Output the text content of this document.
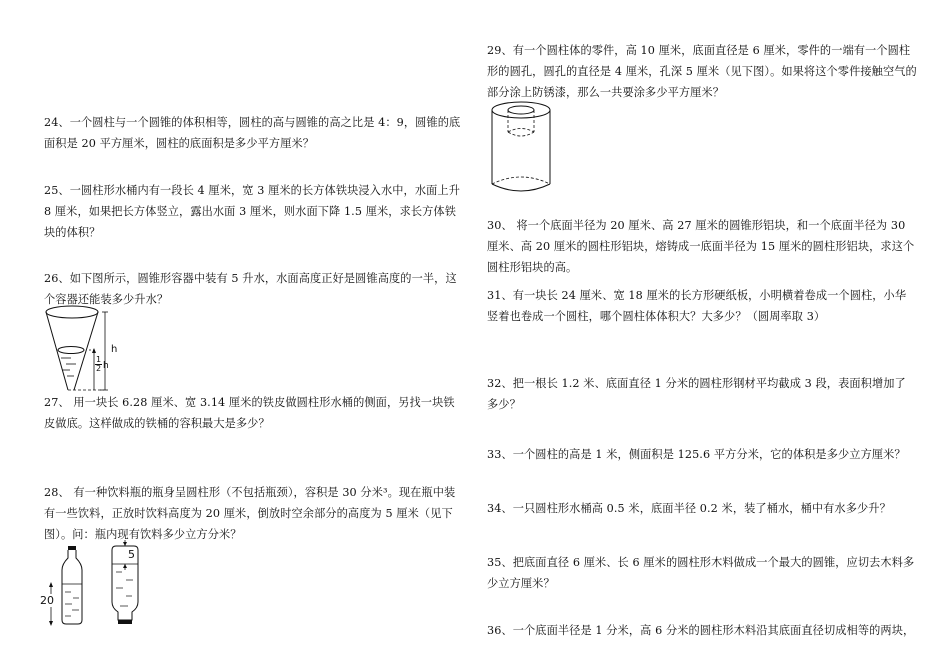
24、一个圆柱与一个圆锥的体积相等，圆柱的高与圆锥的高之比是 4：9，圆锥的底面积是 20 平方厘米，圆柱的底面积是多少平方厘米？
25、一圆柱形水桶内有一段长 4 厘米，宽 3 厘米的长方体铁块浸入水中，水面上升 8 厘米，如果把长方体竖立，露出水面 3 厘米，则水面下降 1.5 厘米，求长方体铁块的体积？
26、如下图所示，圆锥形容器中装有 5 升水，水面高度正好是圆锥高度的一半，这个容器还能装多少升水？
h
1
2 h
27、 用一块长 6.28 厘米、宽 3.14 厘米的铁皮做圆柱形水桶的侧面，另找一块铁皮做底。这样做成的铁桶的容积最大是多少？
28、 有一种饮料瓶的瓶身呈圆柱形（不包括瓶颈），容积是 30 分米³。现在瓶中装有一些饮料，正放时饮料高度为 20 厘米，倒放时空余部分的高度为 5 厘米（见下图）。问：瓶内现有饮料多少立方分米？
20
5
29、有一个圆柱体的零件，高 10 厘米，底面直径是 6 厘米，零件的一端有一个圆柱形的圆孔，圆孔的直径是 4 厘米，孔深 5 厘米（见下图）。如果将这个零件接触空气的部分涂上防锈漆，那么一共要涂多少平方厘米？
30、 将一个底面半径为 20 厘米、高 27 厘米的圆锥形铝块，和一个底面半径为 30 厘米、高 20 厘米的圆柱形铝块，熔铸成一底面半径为 15 厘米的圆柱形铝块，求这个圆柱形铝块的高。
31、有一块长 24 厘米、宽 18 厘米的长方形硬纸板，小明横着卷成一个圆柱，小华竖着也卷成一个圆柱，哪个圆柱体体积大？大多少？（圆周率取 3）
32、把一根长 1.2 米、底面直径 1 分米的圆柱形钢材平均截成 3 段，表面积增加了多少？
33、一个圆柱的高是 1 米，侧面积是 125.6 平方分米，它的体积是多少立方厘米？
34、一只圆柱形水桶高 0.5 米，底面半径 0.2 米，装了桶水，桶中有水多少升？
35、把底面直径 6 厘米、长 6 厘米的圆柱形木料做成一个最大的圆锥，应切去木料多少立方厘米？
36、一个底面半径是 1 分米，高 6 分米的圆柱形木料沿其底面直径切成相等的两块，
